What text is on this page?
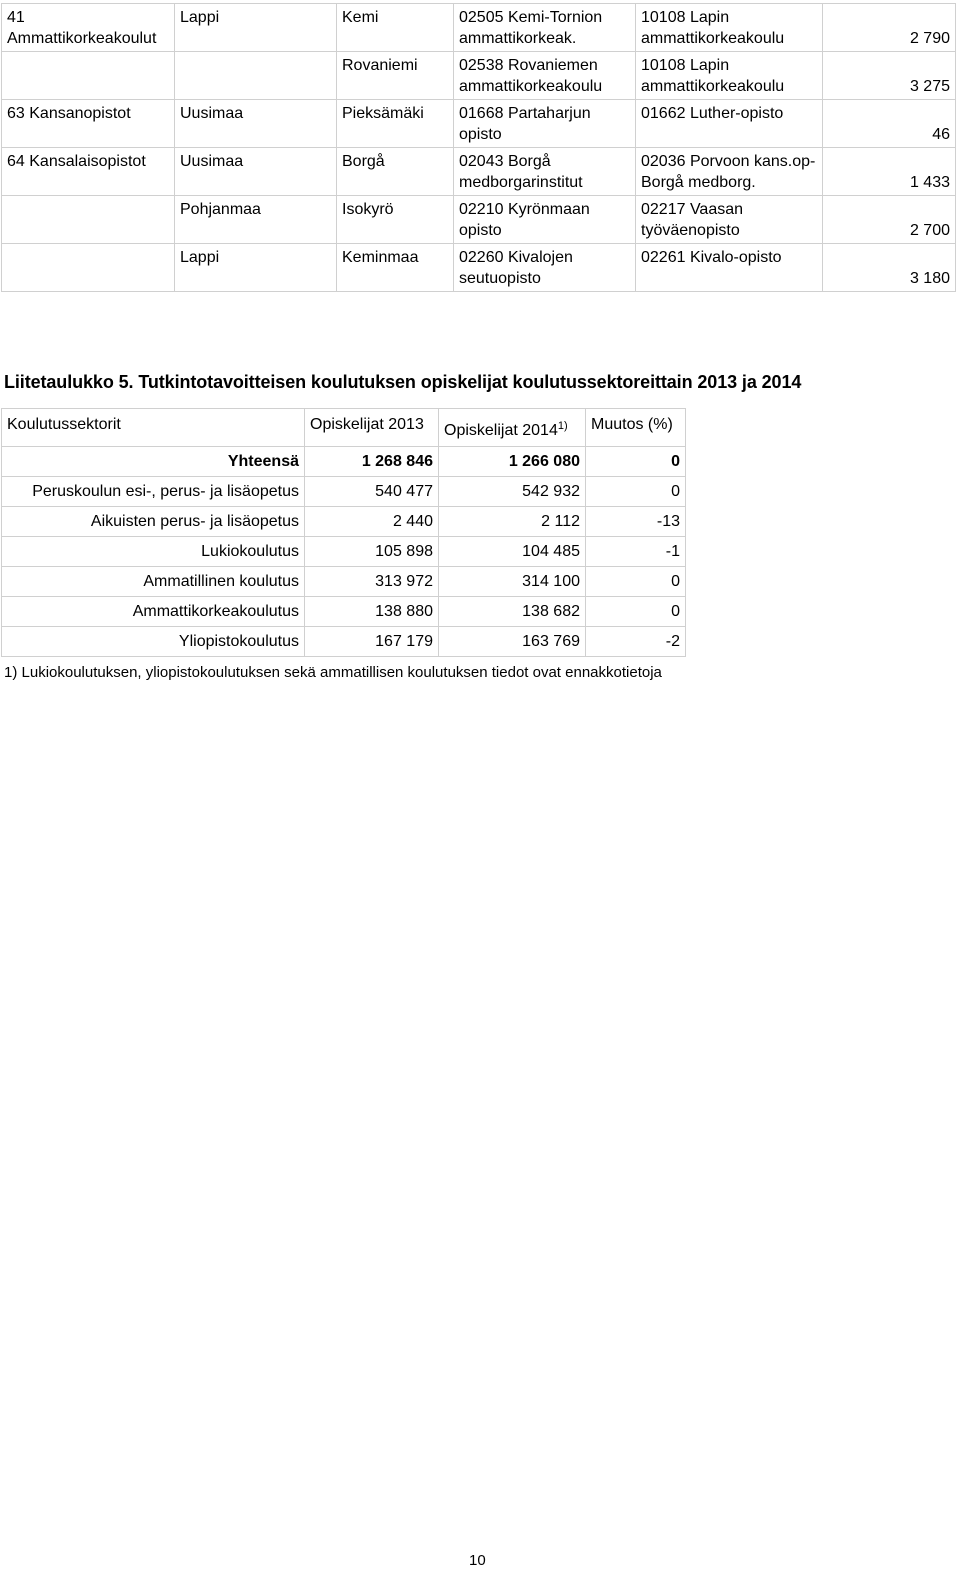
41 Ammattikorkeakoulut	Lappi	Kemi	02505 Kemi-Tornion ammattikorkeak.	10108 Lapin ammattikorkeakoulu	2 790
		Rovaniemi	02538 Rovaniemen ammattikorkeakoulu	10108 Lapin ammattikorkeakoulu	3 275
63 Kansanopistot	Uusimaa	Pieksämäki	01668 Partaharjun opisto	01662 Luther-opisto	46
64 Kansalaisopistot	Uusimaa	Borgå	02043 Borgå medborgarinstitut	02036 Porvoon kans.op-Borgå medborg.	1 433
	Pohjanmaa	Isokyrö	02210 Kyrönmaan opisto	02217 Vaasan työväenopisto	2 700
	Lappi	Keminmaa	02260 Kivalojen seutuopisto	02261 Kivalo-opisto	3 180
Liitetaulukko 5. Tutkintotavoitteisen koulutuksen opiskelijat koulutussektoreittain 2013 ja 2014
Koulutussektorit	Opiskelijat 2013	Opiskelijat 2014$^{1)}$	Muutos (%)
Yhteensä	1 268 846	1 266 080	0
Peruskoulun esi-, perus- ja lisäopetus	540 477	542 932	0
Aikuisten perus- ja lisäopetus	2 440	2 112	-13
Lukiokoulutus	105 898	104 485	-1
Ammatillinen koulutus	313 972	314 100	0
Ammattikorkeakoulutus	138 880	138 682	0
Yliopistokoulutus	167 179	163 769	-2
1) Lukiokoulutuksen, yliopistokoulutuksen sekä ammatillisen koulutuksen tiedot ovat ennakkotietoja
10
